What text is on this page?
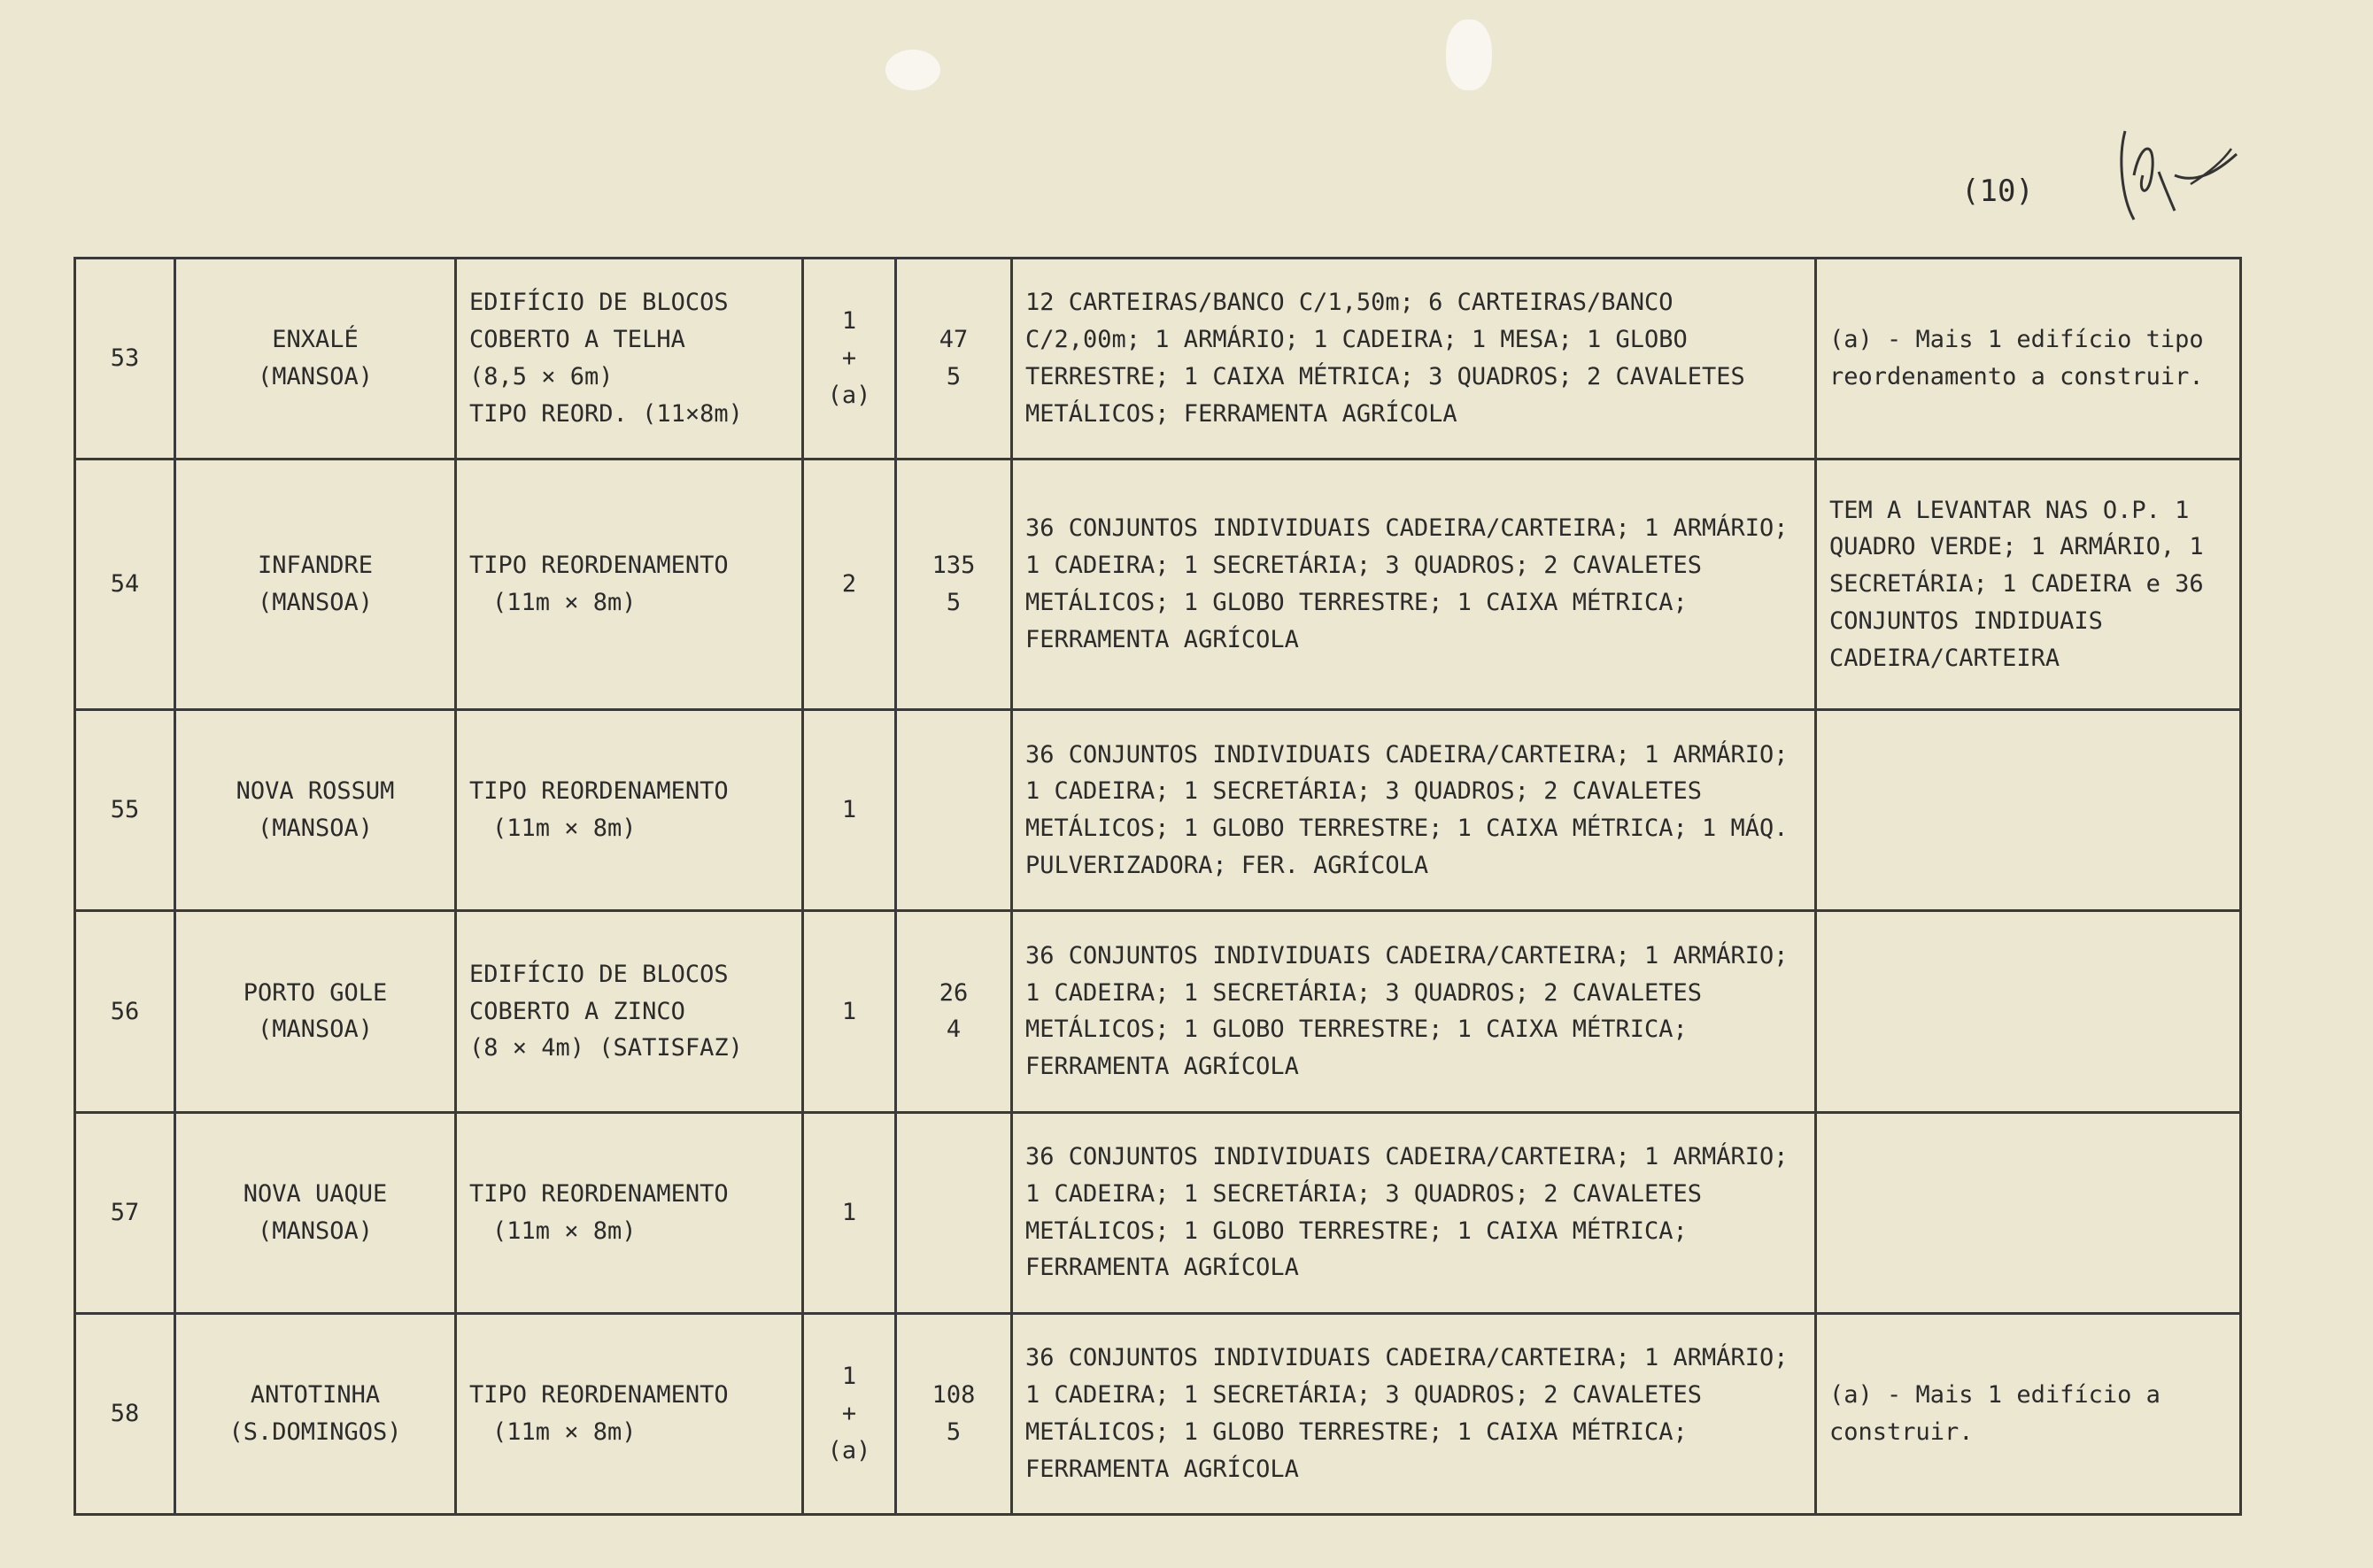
(10)
53	ENXALÉ
(MANSOA)	EDIFÍCIO DE BLOCOS
COBERTO A TELHA
(8,5 × 6m)
TIPO REORD. (11×8m)	1
+
(a)	47
5	12 CARTEIRAS/BANCO C/1,50m; 6 CARTEIRAS/BANCO C/2,00m; 1 ARMÁRIO; 1 CADEIRA; 1 MESA; 1 GLOBO TERRESTRE; 1 CAIXA MÉTRICA; 3 QUADROS; 2 CAVALETES METÁLICOS; FERRAMENTA AGRÍCOLA	(a) - Mais 1 edifício tipo reordenamento a construir.

54	INFANDRE
(MANSOA)	TIPO REORDENAMENTO
(11m × 8m)	2	135
5	36 CONJUNTOS INDIVIDUAIS CADEIRA/CARTEIRA; 1 ARMÁRIO; 1 CADEIRA; 1 SECRETÁRIA; 3 QUADROS; 2 CAVALETES METÁLICOS; 1 GLOBO TERRESTRE; 1 CAIXA MÉTRICA; FERRAMENTA AGRÍCOLA	TEM A LEVANTAR NAS O.P. 1 QUADRO VERDE; 1 ARMÁRIO, 1 SECRETÁRIA; 1 CADEIRA e 36 CONJUNTOS INDIDUAIS CADEIRA/CARTEIRA

55	NOVA ROSSUM
(MANSOA)	TIPO REORDENAMENTO
(11m × 8m)	1		36 CONJUNTOS INDIVIDUAIS CADEIRA/CARTEIRA; 1 ARMÁRIO; 1 CADEIRA; 1 SECRETÁRIA; 3 QUADROS; 2 CAVALETES METÁLICOS; 1 GLOBO TERRESTRE; 1 CAIXA MÉTRICA; 1 MÁQ. PULVERIZADORA; FER. AGRÍCOLA	

56	PORTO GOLE
(MANSOA)	EDIFÍCIO DE BLOCOS
COBERTO A ZINCO
(8 × 4m) (SATISFAZ)	1	26
4	36 CONJUNTOS INDIVIDUAIS CADEIRA/CARTEIRA; 1 ARMÁRIO; 1 CADEIRA; 1 SECRETÁRIA; 3 QUADROS; 2 CAVALETES METÁLICOS; 1 GLOBO TERRESTRE; 1 CAIXA MÉTRICA; FERRAMENTA AGRÍCOLA	

57	NOVA UAQUE
(MANSOA)	TIPO REORDENAMENTO
(11m × 8m)	1		36 CONJUNTOS INDIVIDUAIS CADEIRA/CARTEIRA; 1 ARMÁRIO; 1 CADEIRA; 1 SECRETÁRIA; 3 QUADROS; 2 CAVALETES METÁLICOS; 1 GLOBO TERRESTRE; 1 CAIXA MÉTRICA; FERRAMENTA AGRÍCOLA	

58	ANTOTINHA
(S.DOMINGOS)	TIPO REORDENAMENTO
(11m × 8m)	1
+
(a)	108
5	36 CONJUNTOS INDIVIDUAIS CADEIRA/CARTEIRA; 1 ARMÁRIO; 1 CADEIRA; 1 SECRETÁRIA; 3 QUADROS; 2 CAVALETES METÁLICOS; 1 GLOBO TERRESTRE; 1 CAIXA MÉTRICA; FERRAMENTA AGRÍCOLA	(a) - Mais 1 edifício a construir.
